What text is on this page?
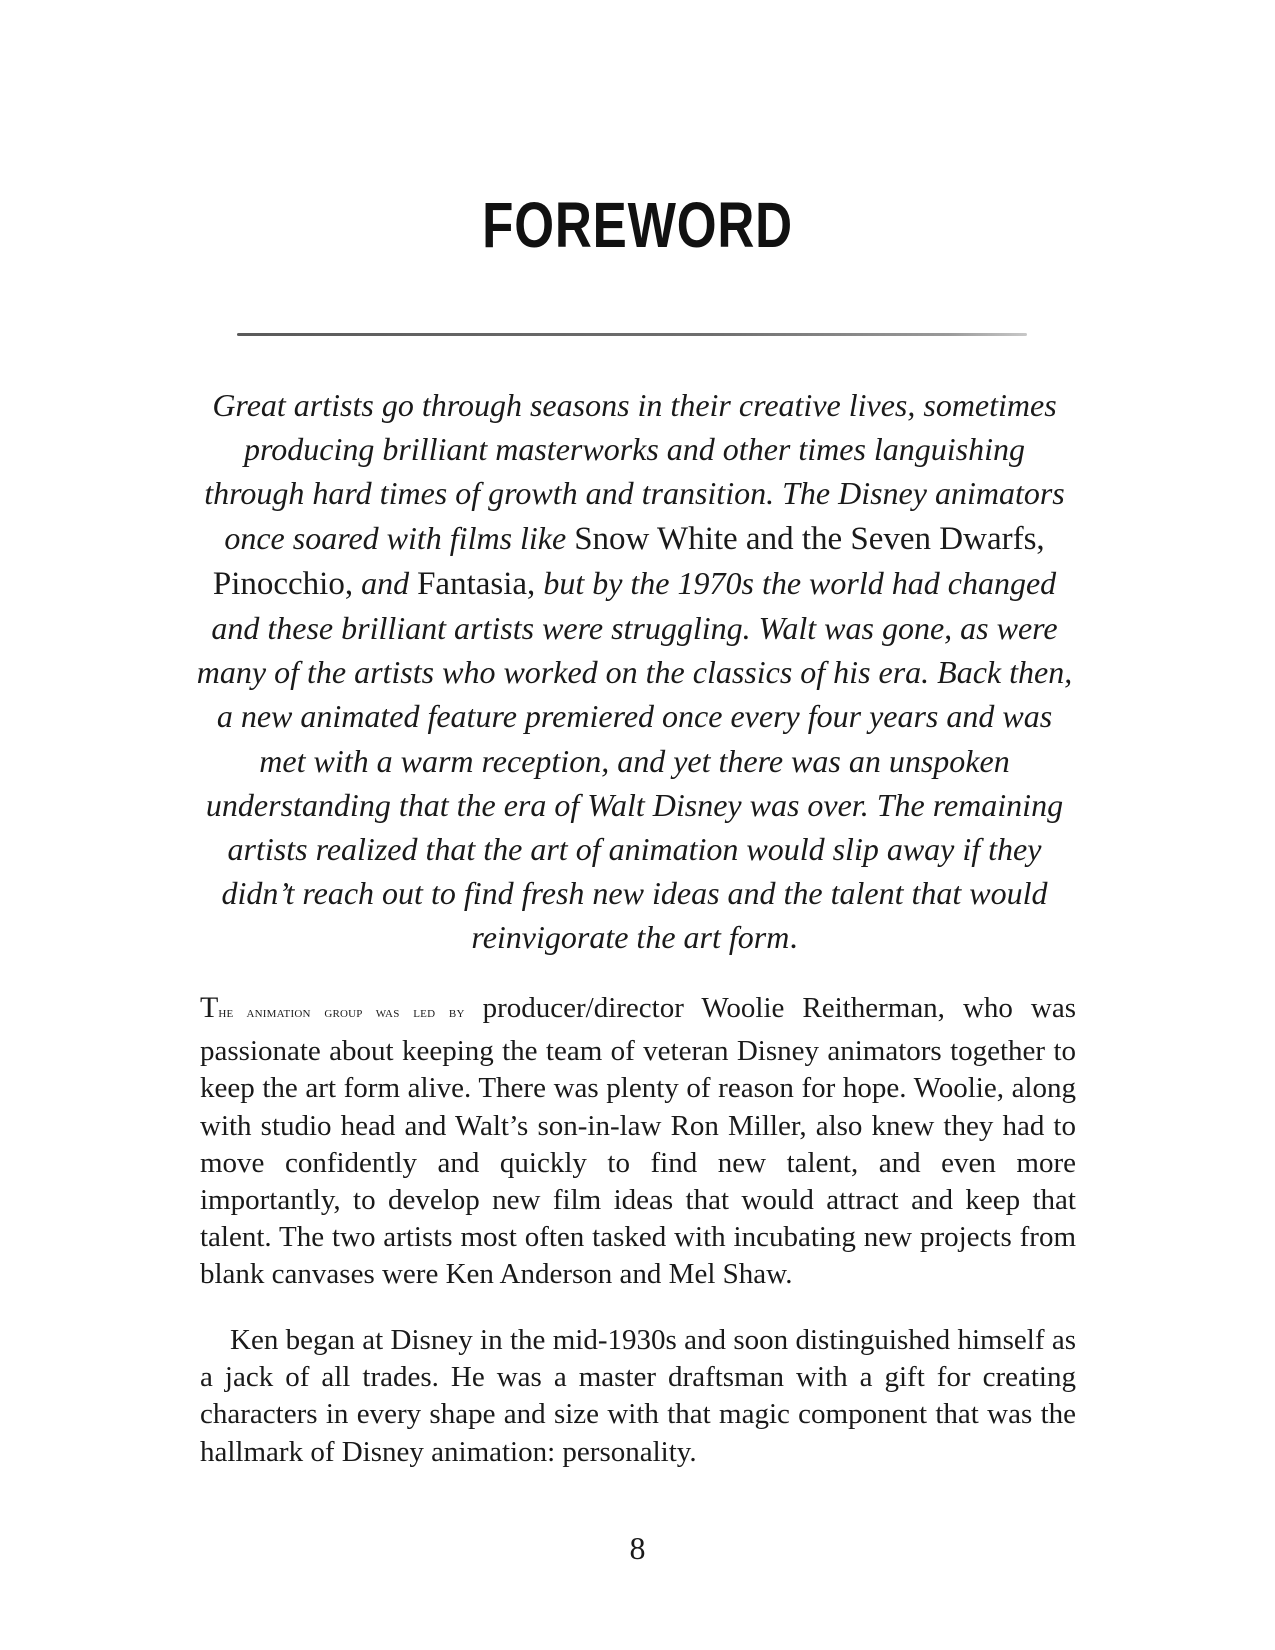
FOREWORD

Great artists go through seasons in their creative lives, sometimes producing brilliant masterworks and other times languishing through hard times of growth and transition. The Disney animators once soared with films like Snow White and the Seven Dwarfs, Pinocchio, and Fantasia, but by the 1970s the world had changed and these brilliant artists were struggling. Walt was gone, as were many of the artists who worked on the classics of his era. Back then, a new animated feature premiered once every four years and was met with a warm reception, and yet there was an unspoken understanding that the era of Walt Disney was over. The remaining artists realized that the art of animation would slip away if they didn’t reach out to find fresh new ideas and the talent that would reinvigorate the art form.

THE ANIMATION GROUP WAS LED BY producer/director Woolie Reitherman, who was passionate about keeping the team of veteran Disney animators together to keep the art form alive. There was plenty of reason for hope. Woolie, along with studio head and Walt’s son-in-law Ron Miller, also knew they had to move confidently and quickly to find new talent, and even more importantly, to develop new film ideas that would attract and keep that talent. The two artists most often tasked with incubating new projects from blank canvases were Ken Anderson and Mel Shaw.

Ken began at Disney in the mid-1930s and soon distinguished himself as a jack of all trades. He was a master draftsman with a gift for creating characters in every shape and size with that magic component that was the hallmark of Disney animation: personality.

8
